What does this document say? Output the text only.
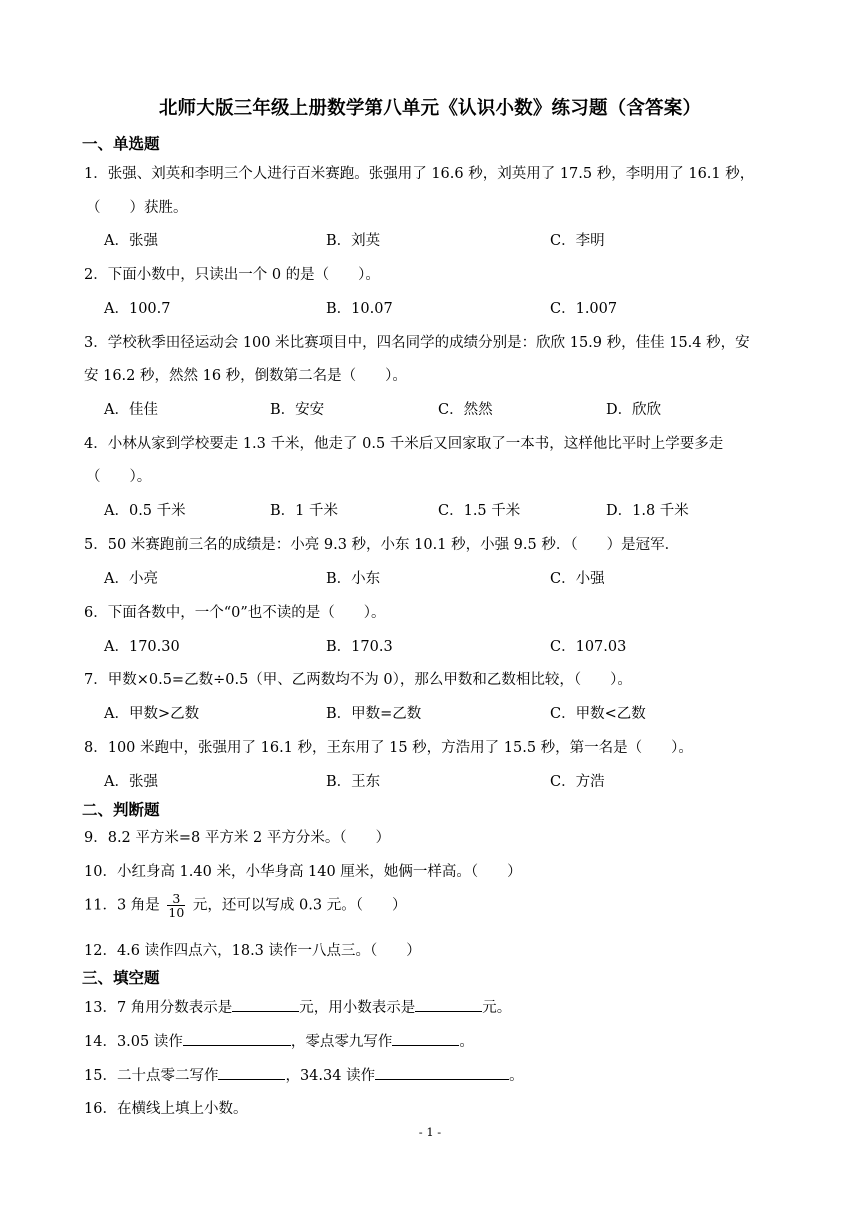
北师大版三年级上册数学第八单元《认识小数》练习题（含答案）
一、单选题
1．张强、刘英和李明三个人进行百米赛跑。张强用了 16.6 秒，刘英用了 17.5 秒，李明用了 16.1 秒，
（　　）获胜。
A．张强	B．刘英	C．李明
2．下面小数中，只读出一个 0 的是（　　）。
A．100.7	B．10.07	C．1.007
3．学校秋季田径运动会 100 米比赛项目中，四名同学的成绩分别是：欣欣 15.9 秒，佳佳 15.4 秒，安
安 16.2 秒，然然 16 秒，倒数第二名是（　　）。
A．佳佳	B．安安	C．然然	D．欣欣
4．小林从家到学校要走 1.3 千米，他走了 0.5 千米后又回家取了一本书，这样他比平时上学要多走
（　　）。
A．0.5 千米	B．1 千米	C．1.5 千米	D．1.8 千米
5．50 米赛跑前三名的成绩是：小亮 9.3 秒，小东 10.1 秒，小强 9.5 秒．（　　）是冠军．
A．小亮	B．小东	C．小强
6．下面各数中，一个“0”也不读的是（　　）。
A．170.30	B．170.3	C．107.03
7．甲数×0.5=乙数÷0.5（甲、乙两数均不为 0），那么甲数和乙数相比较，（　　）。
A．甲数>乙数	B．甲数=乙数	C．甲数<乙数
8．100 米跑中，张强用了 16.1 秒，王东用了 15 秒，方浩用了 15.5 秒，第一名是（　　）。
A．张强	B．王东	C．方浩
二、判断题
9．8.2 平方米=8 平方米 2 平方分米。（　　）
10．小红身高 1.40 米，小华身高 140 厘米，她俩一样高。（　　）
11．3 角是 $\frac{3}{10}$ 元，还可以写成 0.3 元。（　　）
12．4.6 读作四点六，18.3 读作一八点三。（　　）
三、填空题
13．7 角用分数表示是	元，用小数表示是	元。
14．3.05 读作	，零点零九写作	。
15．二十点零二写作	，34.34 读作	。
16．在横线上填上小数。
- 1 -
